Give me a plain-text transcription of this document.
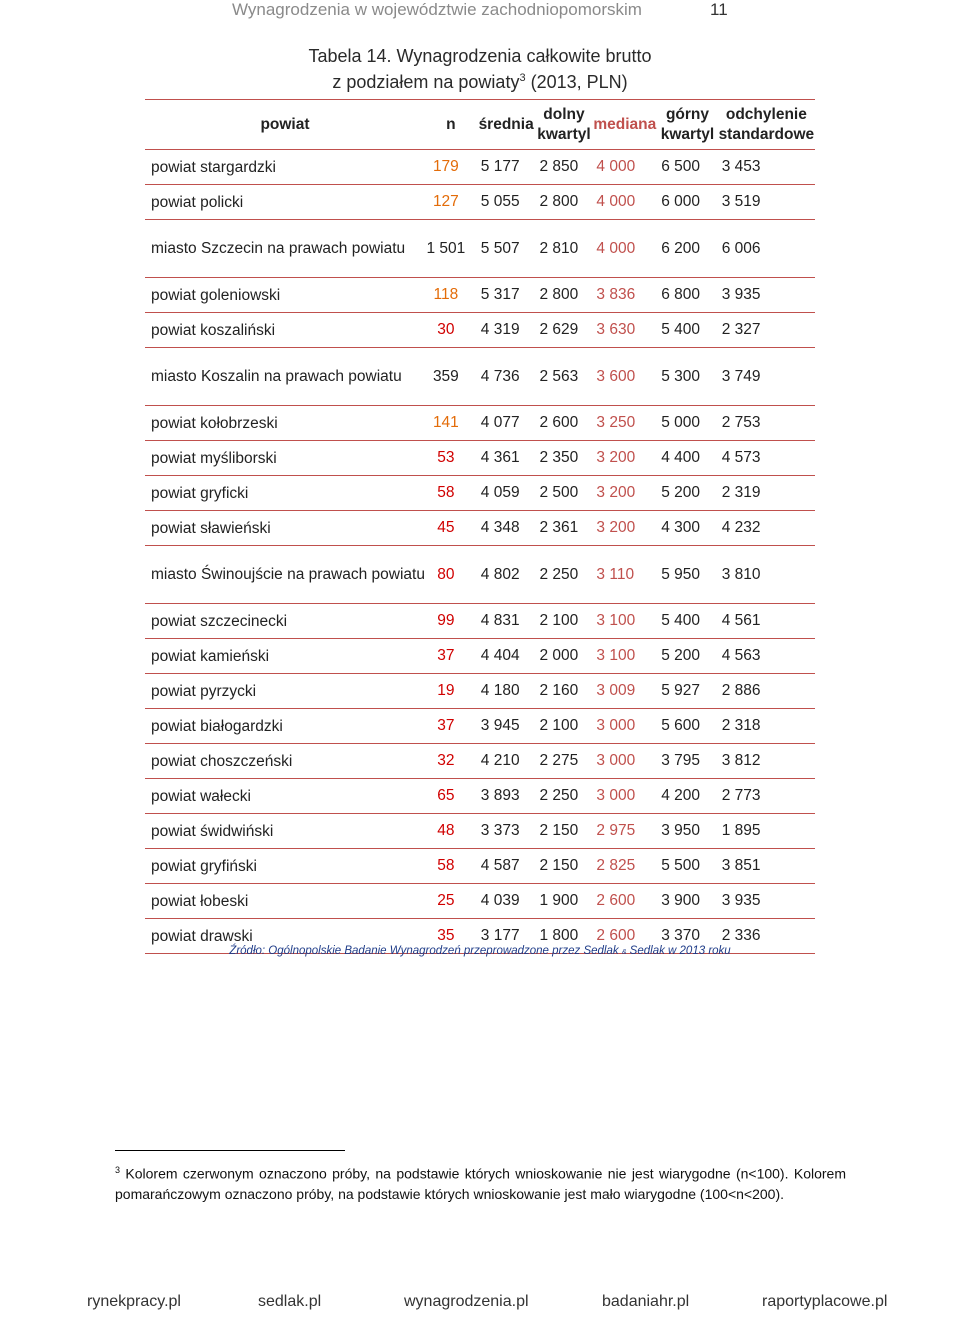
Wynagrodzenia w województwie zachodniopomorskim	11
Tabela 14. Wynagrodzenia całkowite brutto
z podziałem na powiaty$^3$ (2013, PLN)
powiat	n	średnia	dolny kwartyl	mediana	górny kwartyl	odchylenie standardowe
powiat stargardzki	179	5 177	2 850	4 000	6 500	3 453
powiat policki	127	5 055	2 800	4 000	6 000	3 519
miasto Szczecin na prawach powiatu	1 501	5 507	2 810	4 000	6 200	6 006
powiat goleniowski	118	5 317	2 800	3 836	6 800	3 935
powiat koszaliński	30	4 319	2 629	3 630	5 400	2 327
miasto Koszalin na prawach powiatu	359	4 736	2 563	3 600	5 300	3 749
powiat kołobrzeski	141	4 077	2 600	3 250	5 000	2 753
powiat myśliborski	53	4 361	2 350	3 200	4 400	4 573
powiat gryficki	58	4 059	2 500	3 200	5 200	2 319
powiat sławieński	45	4 348	2 361	3 200	4 300	4 232
miasto Świnoujście na prawach powiatu	80	4 802	2 250	3 110	5 950	3 810
powiat szczecinecki	99	4 831	2 100	3 100	5 400	4 561
powiat kamieński	37	4 404	2 000	3 100	5 200	4 563
powiat pyrzycki	19	4 180	2 160	3 009	5 927	2 886
powiat białogardzki	37	3 945	2 100	3 000	5 600	2 318
powiat choszczeński	32	4 210	2 275	3 000	3 795	3 812
powiat wałecki	65	3 893	2 250	3 000	4 200	2 773
powiat świdwiński	48	3 373	2 150	2 975	3 950	1 895
powiat gryfiński	58	4 587	2 150	2 825	5 500	3 851
powiat łobeski	25	4 039	1 900	2 600	3 900	3 935
powiat drawski	35	3 177	1 800	2 600	3 370	2 336
Źródło: Ogólnopolskie Badanie Wynagrodzeń przeprowadzone przez Sedlak & Sedlak w 2013 roku
$^3$ Kolorem czerwonym oznaczono próby, na podstawie których wnioskowanie nie jest wiarygodne (n<100). Kolorem pomarańczowym oznaczono próby, na podstawie których wnioskowanie jest mało wiarygodne (100<n<200).
rynekpracy.pl	sedlak.pl	wynagrodzenia.pl	badaniahr.pl	raportyplacowe.pl
